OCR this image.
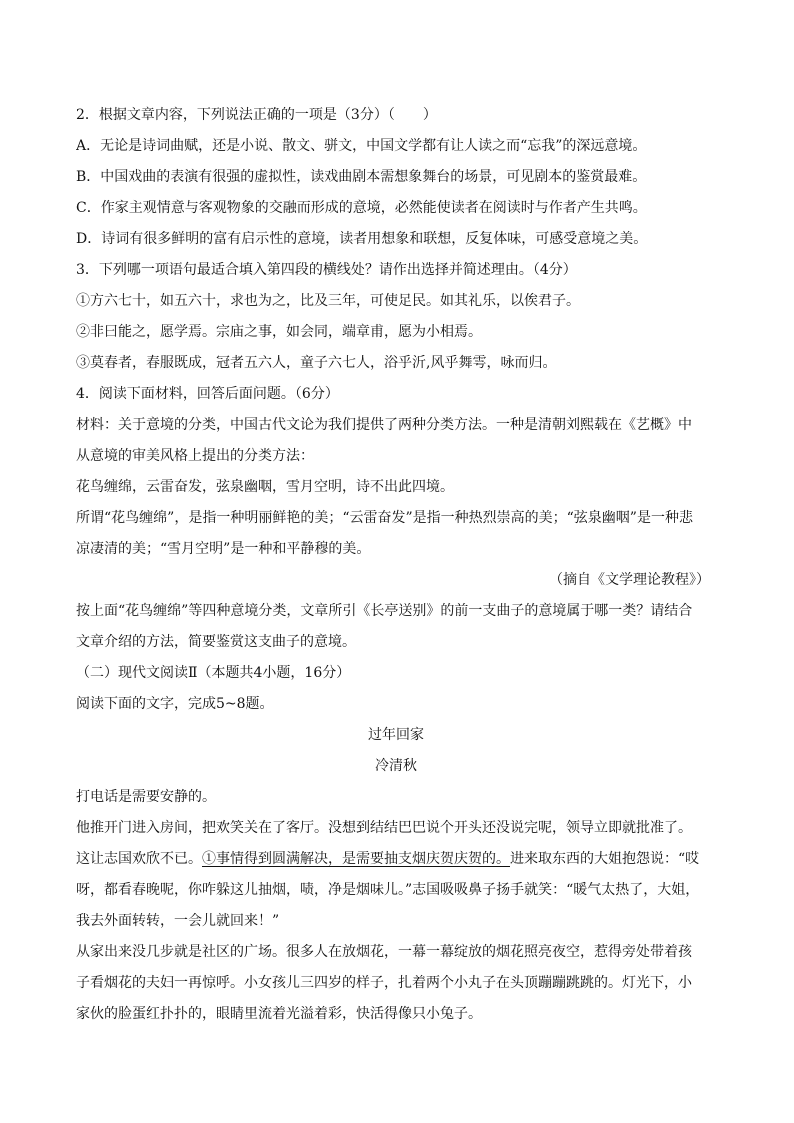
2．根据文章内容，下列说法正确的一项是（3分）（　　）
A．无论是诗词曲赋，还是小说、散文、骈文，中国文学都有让人读之而“忘我”的深远意境。
B．中国戏曲的表演有很强的虚拟性，读戏曲剧本需想象舞台的场景，可见剧本的鉴赏最难。
C．作家主观情意与客观物象的交融而形成的意境，必然能使读者在阅读时与作者产生共鸣。
D．诗词有很多鲜明的富有启示性的意境，读者用想象和联想，反复体味，可感受意境之美。
3．下列哪一项语句最适合填入第四段的横线处？请作出选择并简述理由。（4分）
①方六七十，如五六十，求也为之，比及三年，可使足民。如其礼乐，以俟君子。
②非曰能之，愿学焉。宗庙之事，如会同，端章甫，愿为小相焉。
③莫春者，春服既成，冠者五六人，童子六七人，浴乎沂,风乎舞雩，咏而归。
4．阅读下面材料，回答后面问题。（6分）
材料：关于意境的分类，中国古代文论为我们提供了两种分类方法。一种是清朝刘熙载在《艺概》中
从意境的审美风格上提出的分类方法：
花鸟缠绵，云雷奋发，弦泉幽咽，雪月空明，诗不出此四境。
所谓“花鸟缠绵”，是指一种明丽鲜艳的美；“云雷奋发”是指一种热烈崇高的美；“弦泉幽咽”是一种悲
凉凄清的美；“雪月空明”是一种和平静穆的美。
（摘自《文学理论教程》）
按上面“花鸟缠绵”等四种意境分类，文章所引《长亭送别》的前一支曲子的意境属于哪一类？请结合
文章介绍的方法，简要鉴赏这支曲子的意境。
（二）现代文阅读Ⅱ（本题共4小题，16分）
阅读下面的文字，完成5~8题。
过年回家
冷清秋
打电话是需要安静的。
他推开门进入房间，把欢笑关在了客厅。没想到结结巴巴说个开头还没说完呢，领导立即就批准了。
这让志国欢欣不已。①事情得到圆满解决，是需要抽支烟庆贺庆贺的。进来取东西的大姐抱怨说：“哎
呀，都看春晚呢，你咋躲这儿抽烟，啧，净是烟味儿。”志国吸吸鼻子扬手就笑：“暖气太热了，大姐，
我去外面转转，一会儿就回来！”
从家出来没几步就是社区的广场。很多人在放烟花，一幕一幕绽放的烟花照亮夜空，惹得旁处带着孩
子看烟花的夫妇一再惊呼。小女孩儿三四岁的样子，扎着两个小丸子在头顶蹦蹦跳跳的。灯光下，小
家伙的脸蛋红扑扑的，眼睛里流着光溢着彩，快活得像只小兔子。
